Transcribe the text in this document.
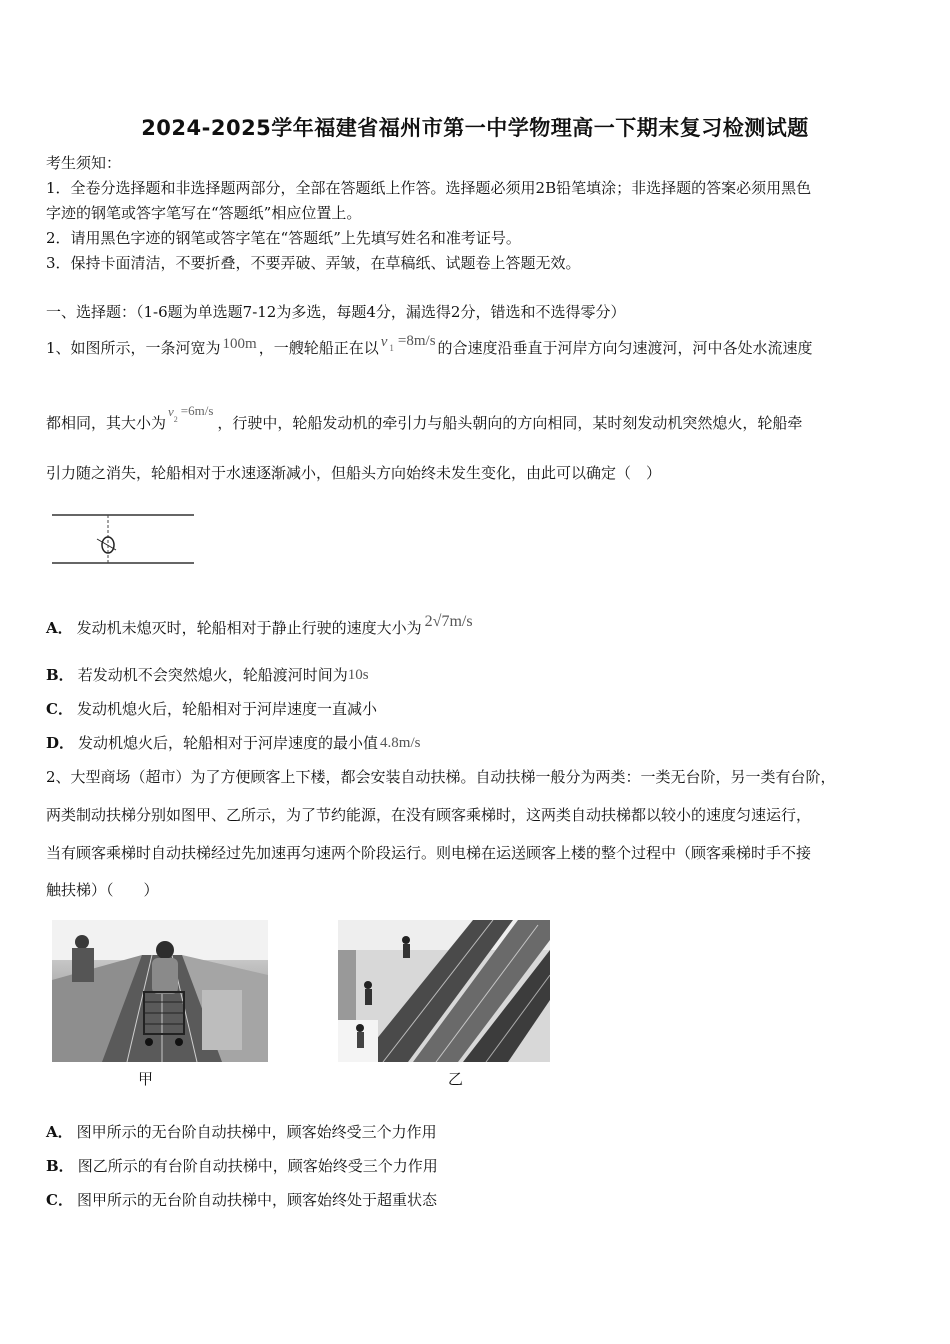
2024-2025学年福建省福州市第一中学物理高一下期末复习检测试题
考生须知：
1．全卷分选择题和非选择题两部分，全部在答题纸上作答。选择题必须用2B铅笔填涂；非选择题的答案必须用黑色
字迹的钢笔或答字笔写在“答题纸”相应位置上。
2．请用黑色字迹的钢笔或答字笔在“答题纸”上先填写姓名和准考证号。
3．保持卡面清洁，不要折叠，不要弄破、弄皱，在草稿纸、试题卷上答题无效。
一、选择题：（1-6题为单选题7-12为多选，每题4分，漏选得2分，错选和不选得零分）
1、如图所示，一条河宽为 100m ，一艘轮船正在以 v $_1$ =8m/s 的合速度沿垂直于河岸方向匀速渡河，河中各处水流速度
都相同，其大小为$v_2=6m/s$，行驶中，轮船发动机的牵引力与船头朝向的方向相同，某时刻发动机突然熄火，轮船牵
引力随之消失，轮船相对于水速逐渐减小，但船头方向始终未发生变化，由此可以确定（　）
A． 发动机未熄灭时，轮船相对于静止行驶的速度大小为 2√7m/s
B． 若发动机不会突然熄火，轮船渡河时间为10s
C． 发动机熄火后，轮船相对于河岸速度一直减小
D． 发动机熄火后，轮船相对于河岸速度的最小值 4.8m/s
2、大型商场（超市）为了方便顾客上下楼，都会安装自动扶梯。自动扶梯一般分为两类：一类无台阶，另一类有台阶，
两类制动扶梯分别如图甲、乙所示，为了节约能源，在没有顾客乘梯时，这两类自动扶梯都以较小的速度匀速运行，
当有顾客乘梯时自动扶梯经过先加速再匀速两个阶段运行。则电梯在运送顾客上楼的整个过程中（顾客乘梯时手不接
触扶梯）（　　）
甲	乙
A． 图甲所示的无台阶自动扶梯中，顾客始终受三个力作用
B． 图乙所示的有台阶自动扶梯中，顾客始终受三个力作用
C． 图甲所示的无台阶自动扶梯中，顾客始终处于超重状态
